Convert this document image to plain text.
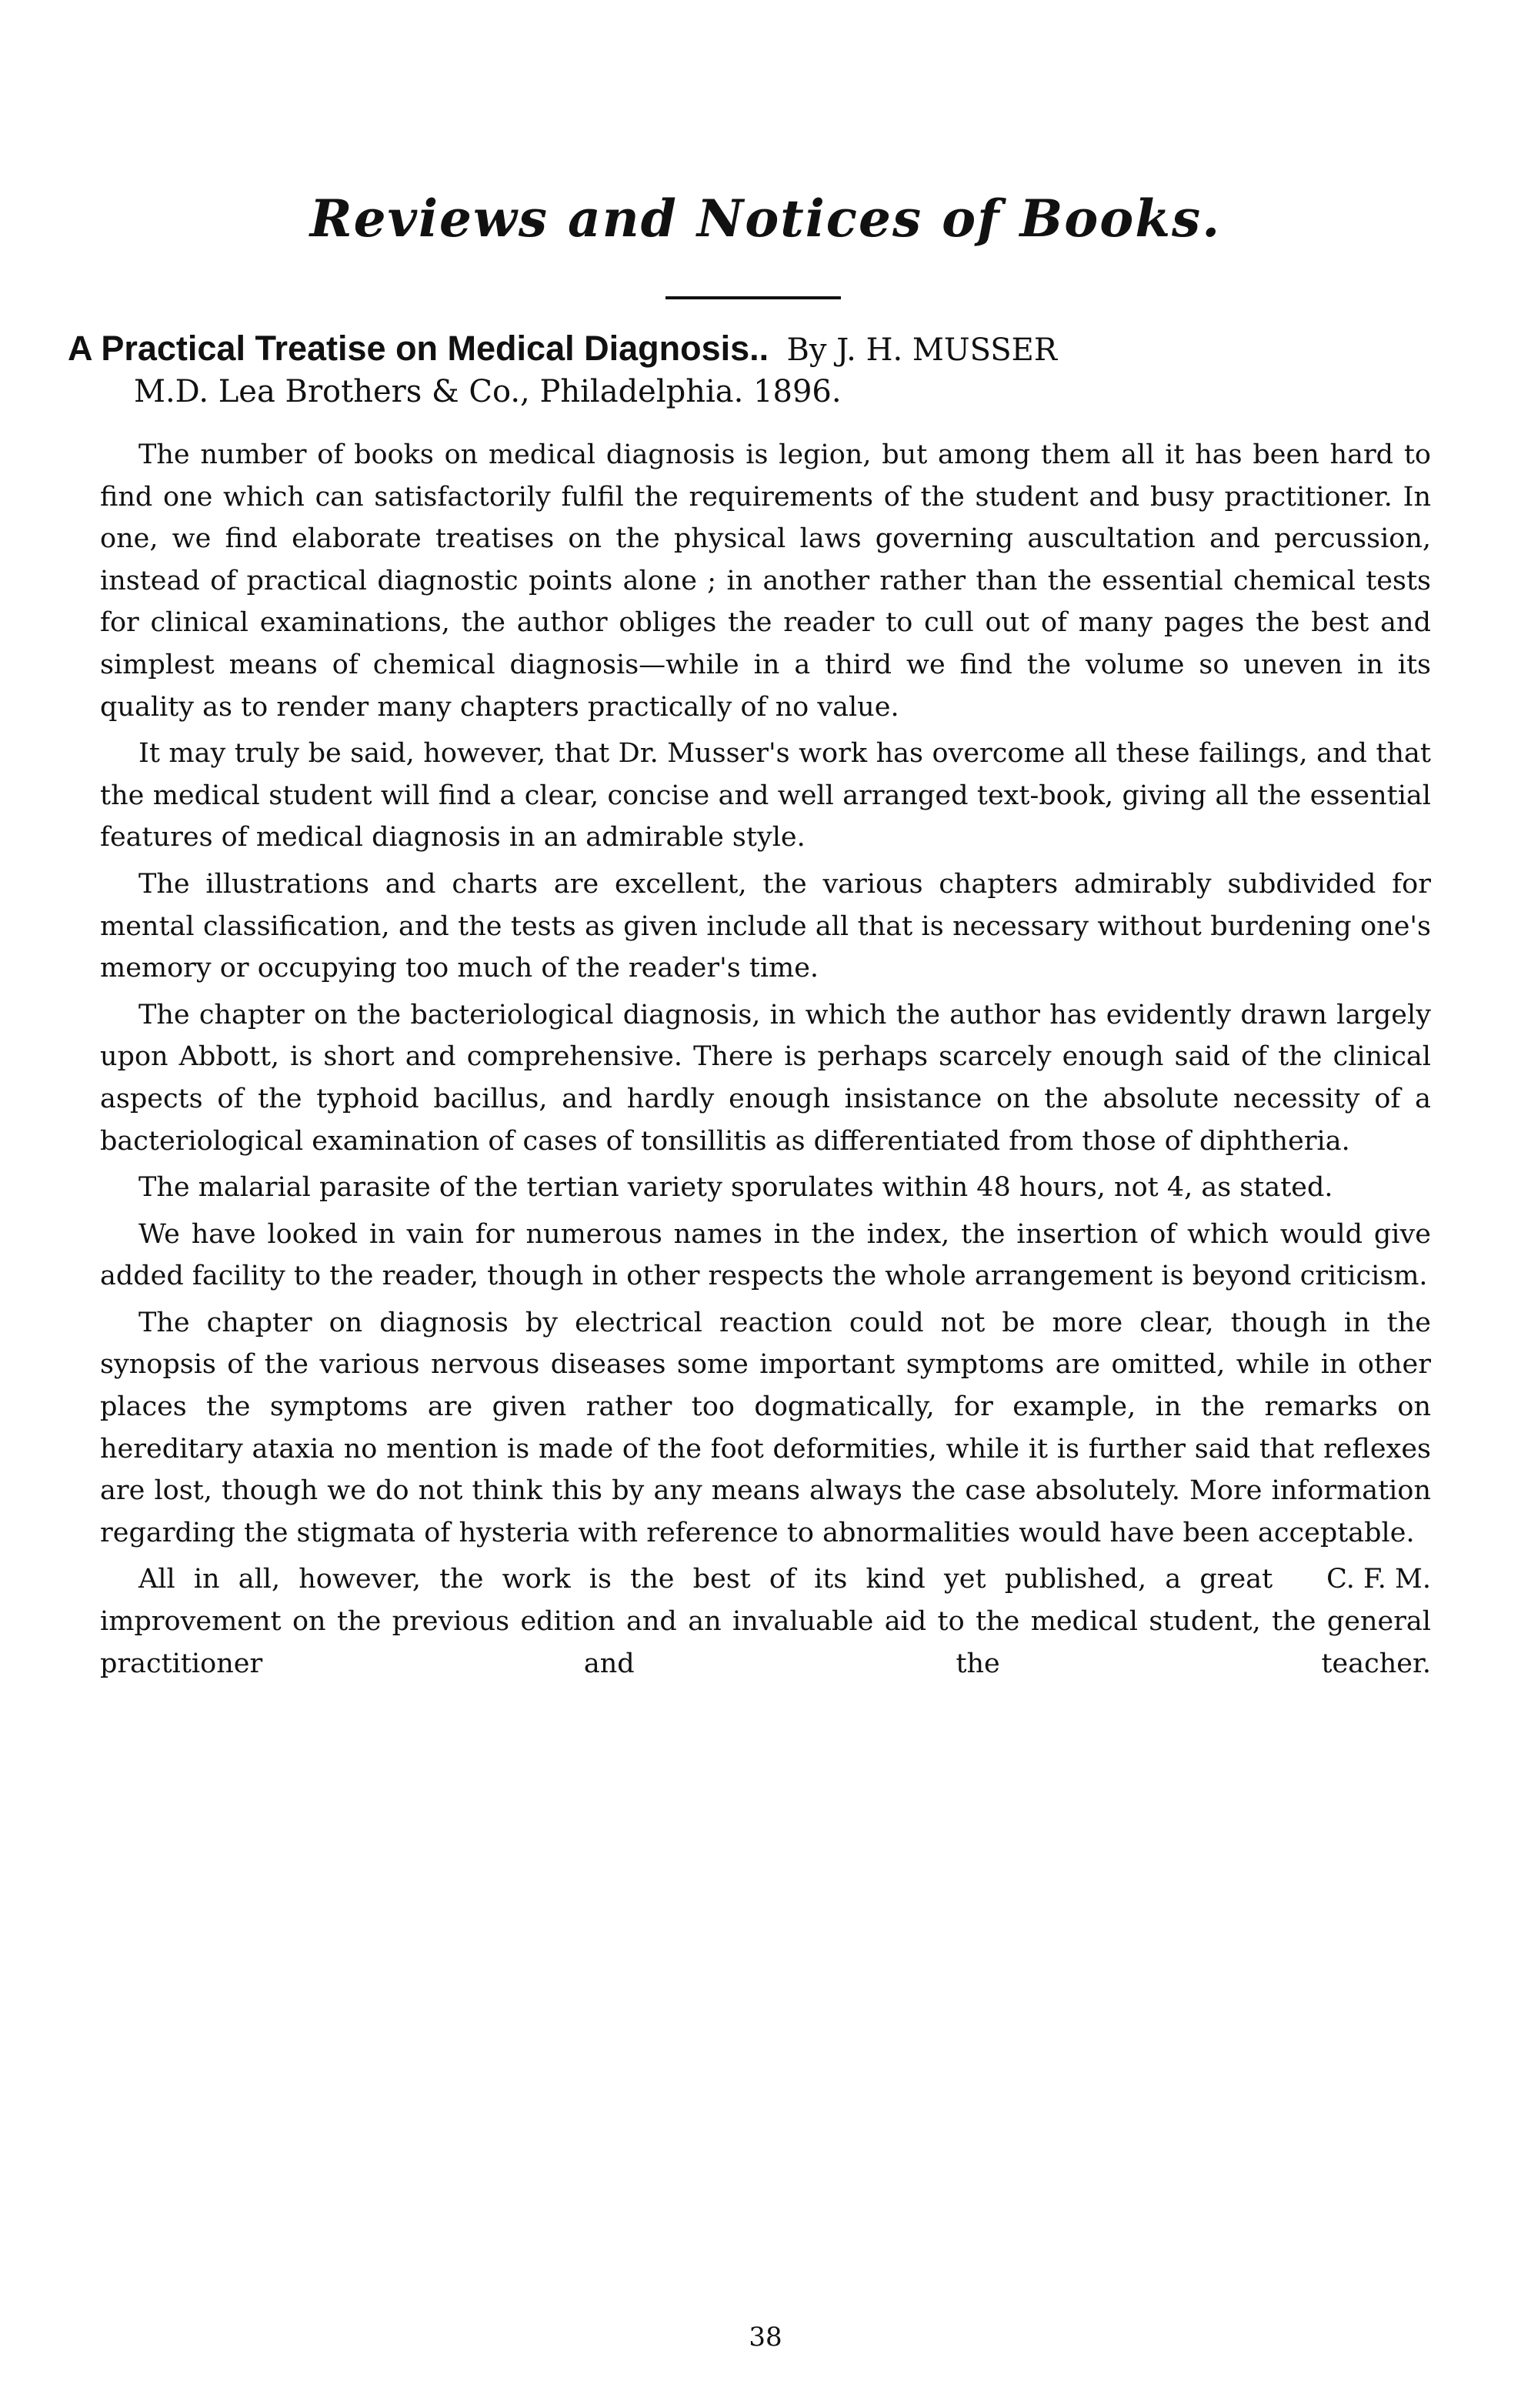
Reviews and Notices of Books.
A Practical Treatise on Medical Diagnosis.. By J. H. MUSSER
M.D. Lea Brothers & Co., Philadelphia. 1896.

The number of books on medical diagnosis is legion, but among them all it has been hard to find one which can satisfactorily fulfil the requirements of the student and busy practitioner. In one, we find elaborate treatises on the physical laws governing auscultation and percussion, instead of practical diagnostic points alone ; in another rather than the essential chemical tests for clinical examinations, the author obliges the reader to cull out of many pages the best and simplest means of chemical diagnosis—while in a third we find the volume so uneven in its quality as to render many chapters practically of no value.

It may truly be said, however, that Dr. Musser's work has overcome all these failings, and that the medical student will find a clear, concise and well arranged text-book, giving all the essential features of medical diagnosis in an admirable style.

The illustrations and charts are excellent, the various chapters admirably subdivided for mental classification, and the tests as given include all that is necessary without burdening one's memory or occupying too much of the reader's time.

The chapter on the bacteriological diagnosis, in which the author has evidently drawn largely upon Abbott, is short and comprehensive. There is perhaps scarcely enough said of the clinical aspects of the typhoid bacillus, and hardly enough insistance on the absolute necessity of a bacteriological examination of cases of tonsillitis as differentiated from those of diphtheria.

The malarial parasite of the tertian variety sporulates within 48 hours, not 4, as stated.

We have looked in vain for numerous names in the index, the insertion of which would give added facility to the reader, though in other respects the whole arrangement is beyond criticism.

The chapter on diagnosis by electrical reaction could not be more clear, though in the synopsis of the various nervous diseases some important symptoms are omitted, while in other places the symptoms are given rather too dogmatically, for example, in the remarks on hereditary ataxia no mention is made of the foot deformities, while it is further said that reflexes are lost, though we do not think this by any means always the case absolutely. More information regarding the stigmata of hysteria with reference to abnormalities would have been acceptable.

C. F. M.
All in all, however, the work is the best of its kind yet published, a great improvement on the previous edition and an invaluable aid to the medical student, the general practitioner and the teacher.

38
